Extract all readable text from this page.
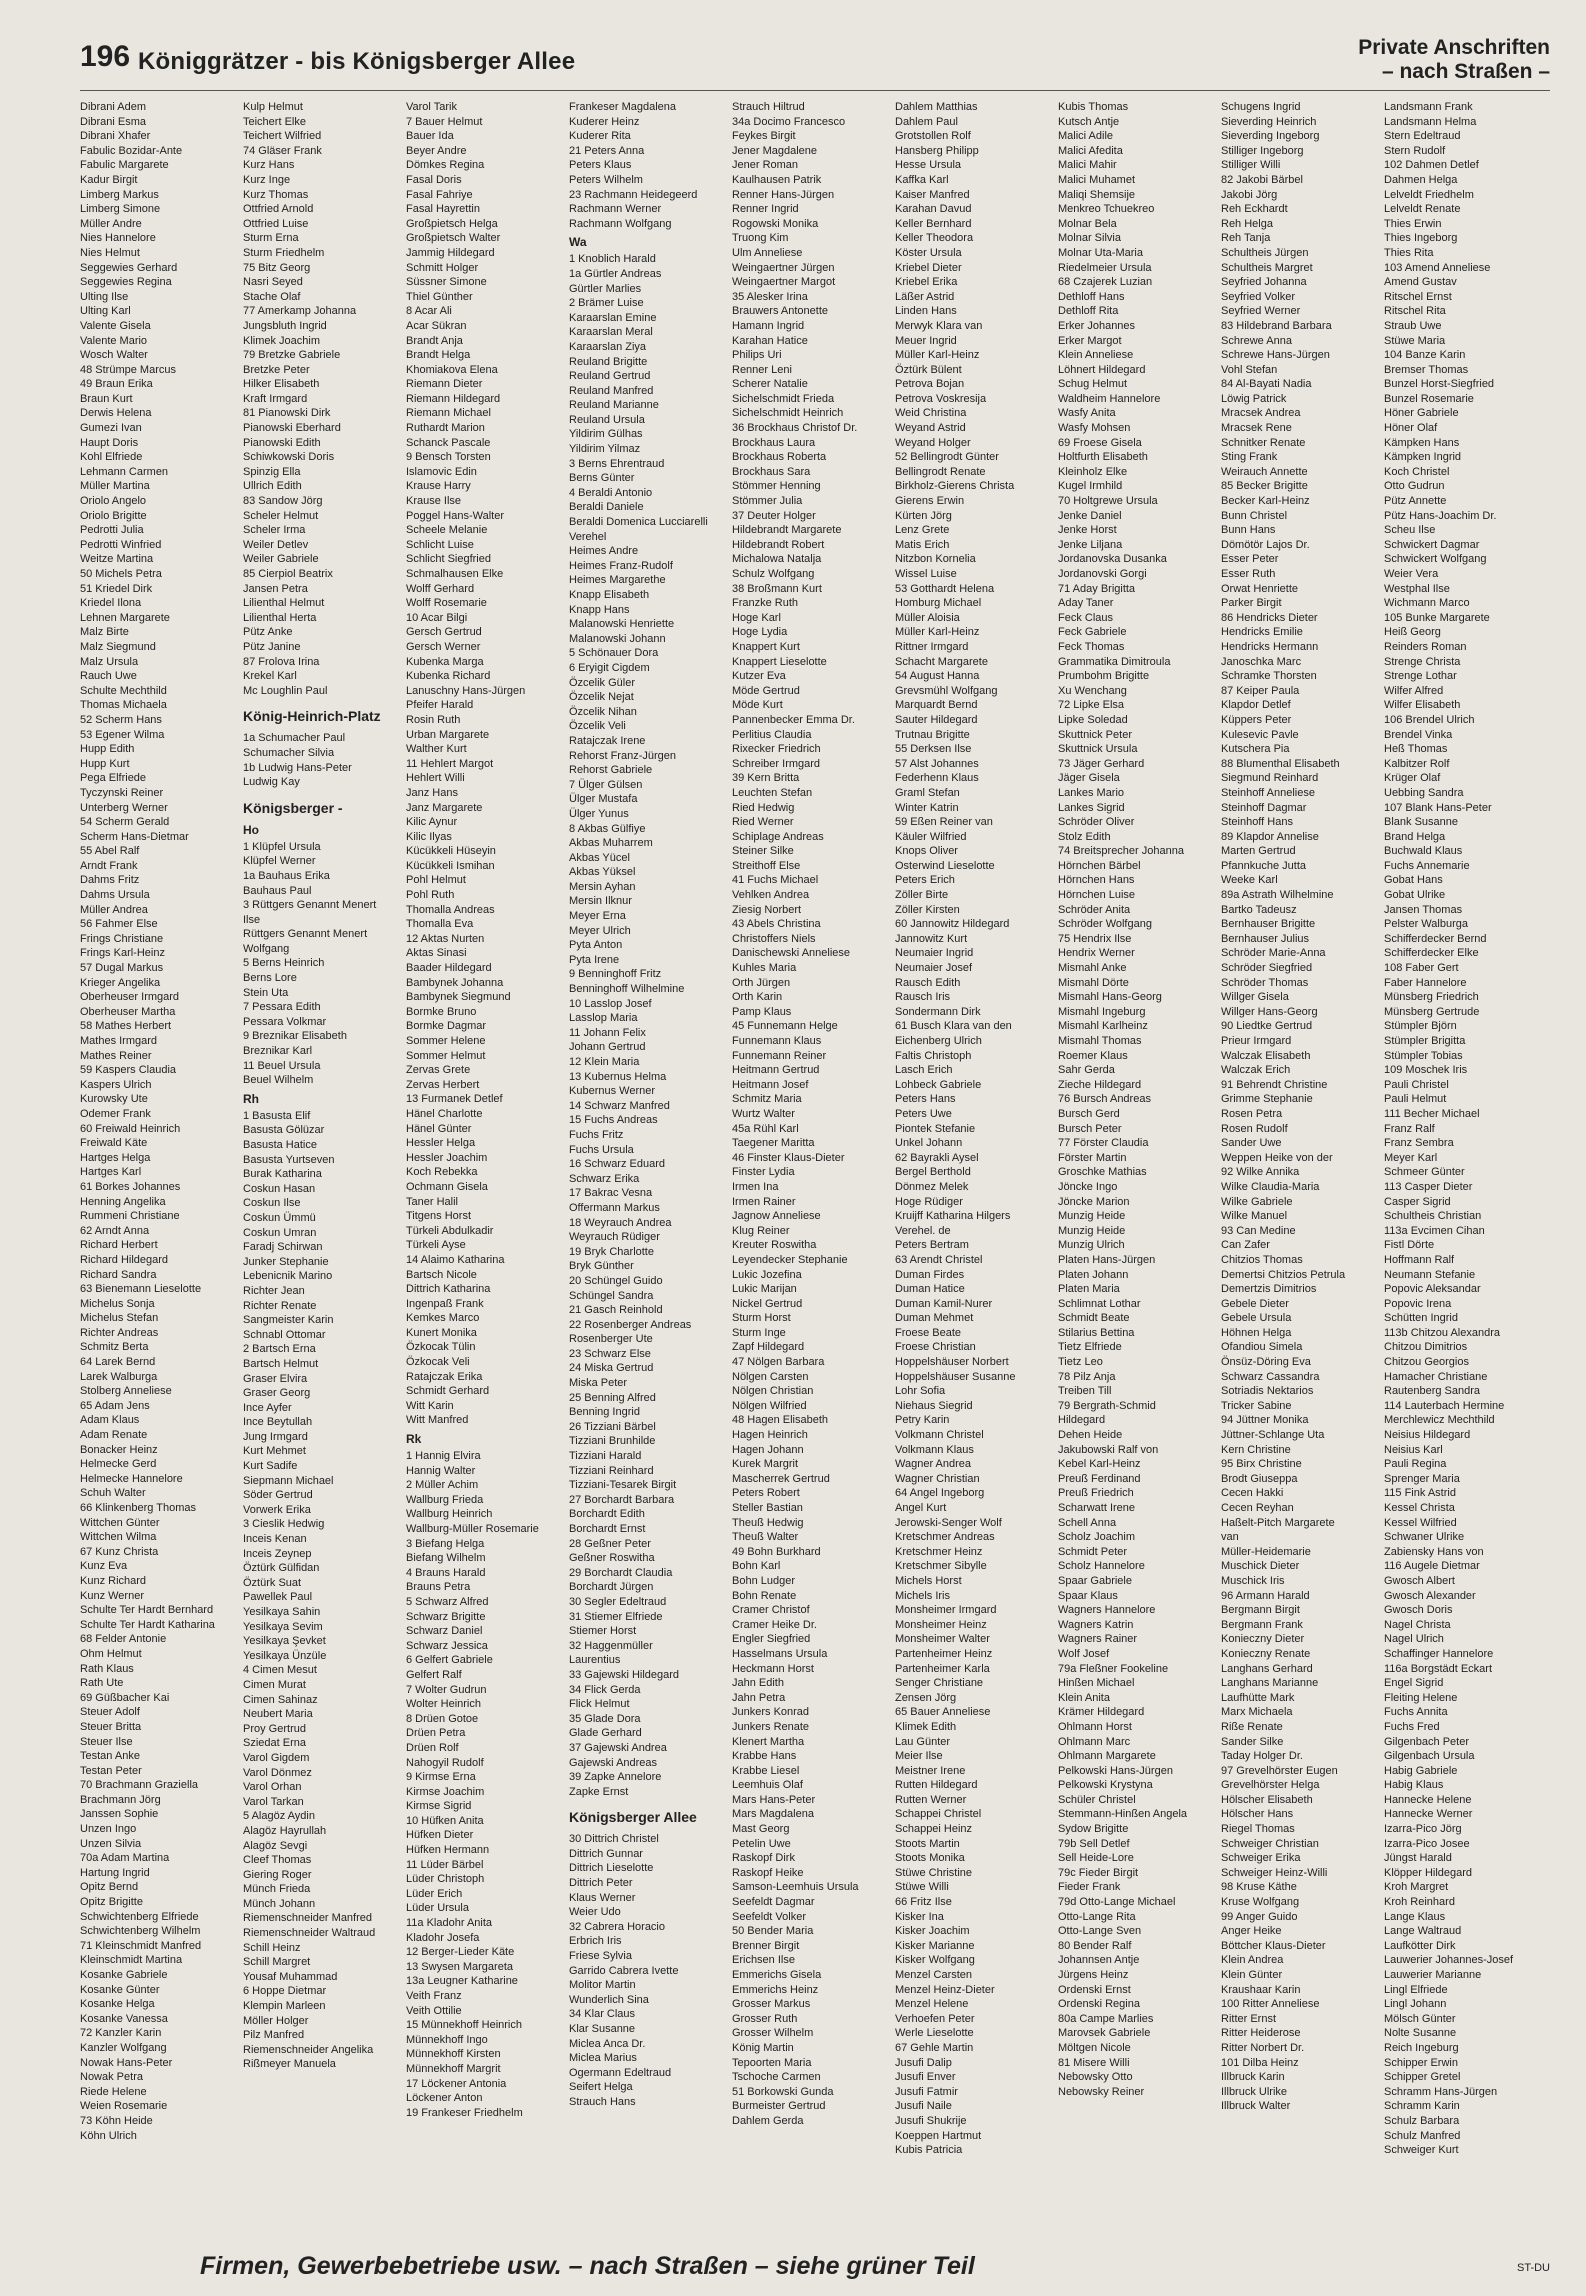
196 Königgrätzer - bis Königsberger Allee
Private Anschriften
– nach Straßen –
Dibrani Adem
Dibrani Esma
Dibrani Xhafer
Fabulic Bozidar-Ante
Fabulic Margarete
Kadur Birgit
Limberg Markus
Limberg Simone
Müller Andre
Nies Hannelore
Nies Helmut
Seggewies Gerhard
Seggewies Regina
Ulting Ilse
Ulting Karl
Valente Gisela
Valente Mario
Wosch Walter
48 Strümpe Marcus
49 Braun Erika
Braun Kurt
Derwis Helena
Gumezi Ivan
Haupt Doris
Kohl Elfriede
Lehmann Carmen
Müller Martina
Oriolo Angelo
Oriolo Brigitte
Pedrotti Julia
Pedrotti Winfried
Weitze Martina
50 Michels Petra
51 Kriedel Dirk
Kriedel Ilona
Lehnen Margarete
Malz Birte
Malz Siegmund
Malz Ursula
Rauch Uwe
Schulte Mechthild
Thomas Michaela
52 Scherm Hans
53 Egener Wilma
Hupp Edith
Hupp Kurt
Pega Elfriede
Tyczynski Reiner
Unterberg Werner
54 Scherm Gerald
Scherm Hans-Dietmar
55 Abel Ralf
Arndt Frank
Dahms Fritz
Dahms Ursula
Müller Andrea
56 Fahmer Else
Frings Christiane
Frings Karl-Heinz
57 Dugal Markus
Krieger Angelika
Oberheuser Irmgard
Oberheuser Martha
58 Mathes Herbert
Mathes Irmgard
Mathes Reiner
59 Kaspers Claudia
Kaspers Ulrich
Kurowsky Ute
Odemer Frank
60 Freiwald Heinrich
Freiwald Käte
Hartges Helga
Hartges Karl
61 Borkes Johannes
Henning Angelika
Rummeni Christiane
62 Arndt Anna
Richard Herbert
Richard Hildegard
Richard Sandra
63 Bienemann Lieselotte
Michelus Sonja
Michelus Stefan
Richter Andreas
Schmitz Berta
64 Larek Bernd
Larek Walburga
Stolberg Anneliese
65 Adam Jens
Adam Klaus
Adam Renate
Bonacker Heinz
Helmecke Gerd
Helmecke Hannelore
Schuh Walter
66 Klinkenberg Thomas
Wittchen Günter
Wittchen Wilma
67 Kunz Christa
Kunz Eva
Kunz Richard
Kunz Werner
Schulte Ter Hardt Bernhard
Schulte Ter Hardt Katharina
68 Felder Antonie
Ohm Helmut
Rath Klaus
Rath Ute
69 Güßbacher Kai
Steuer Adolf
Steuer Britta
Steuer Ilse
Testan Anke
Testan Peter
70 Brachmann Graziella
Brachmann Jörg
Janssen Sophie
Unzen Ingo
Unzen Silvia
70a Adam Martina
Hartung Ingrid
Opitz Bernd
Opitz Brigitte
Schwichtenberg Elfriede
Schwichtenberg Wilhelm
71 Kleinschmidt Manfred
Kleinschmidt Martina
Kosanke Gabriele
Kosanke Günter
Kosanke Helga
Kosanke Vanessa
72 Kanzler Karin
Kanzler Wolfgang
Nowak Hans-Peter
Nowak Petra
Riede Helene
Weien Rosemarie
73 Köhn Heide
Köhn Ulrich
Kulp Helmut
Teichert Elke
Teichert Wilfried
74 Gläser Frank
Kurz Hans
Kurz Inge
Kurz Thomas
Ottfried Arnold
Ottfried Luise
Sturm Erna
Sturm Friedhelm
75 Bitz Georg
Nasri Seyed
Stache Olaf
77 Amerkamp Johanna
Jungsbluth Ingrid
Klimek Joachim
79 Bretzke Gabriele
Bretzke Peter
Hilker Elisabeth
Kraft Irmgard
81 Pianowski Dirk
Pianowski Eberhard
Pianowski Edith
Schiwkowski Doris
Spinzig Ella
Ullrich Edith
83 Sandow Jörg
Scheler Helmut
Scheler Irma
Weiler Detlev
Weiler Gabriele
85 Cierpiol Beatrix
Jansen Petra
Lilienthal Helmut
Lilienthal Herta
Pütz Anke
Pütz Janine
87 Frolova Irina
Krekel Karl
Mc Loughlin Paul
König-Heinrich-Platz
1a Schumacher Paul
Schumacher Silvia
1b Ludwig Hans-Peter
Ludwig Kay
Königsberger -
Ho
1 Klüpfel Ursula
Klüpfel Werner
1a Bauhaus Erika
Bauhaus Paul
3 Rüttgers Genannt Menert
Ilse
Rüttgers Genannt Menert
Wolfgang
5 Berns Heinrich
Berns Lore
Stein Uta
7 Pessara Edith
Pessara Volkmar
9 Breznikar Elisabeth
Breznikar Karl
11 Beuel Ursula
Beuel Wilhelm
Rh
1 Basusta Elif
Basusta Gölüzar
Basusta Hatice
Basusta Yurtseven
Burak Katharina
Coskun Hasan
Coskun Ilse
Coskun Ümmü
Coskun Umran
Faradj Schirwan
Junker Stephanie
Lebenicnik Marino
Richter Jean
Richter Renate
Sangmeister Karin
Schnabl Ottomar
2 Bartsch Erna
Bartsch Helmut
Graser Elvira
Graser Georg
Ince Ayfer
Ince Beytullah
Jung Irmgard
Kurt Mehmet
Kurt Sadife
Siepmann Michael
Söder Gertrud
Vorwerk Erika
3 Cieslik Hedwig
Inceis Kenan
Inceis Zeynep
Öztürk Gülfidan
Öztürk Suat
Pawellek Paul
Yesilkaya Sahin
Yesilkaya Sevim
Yesilkaya Şevket
Yesilkaya Ünzüle
4 Cimen Mesut
Cimen Murat
Cimen Sahinaz
Neubert Maria
Proy Gertrud
Sziedat Erna
Varol Gigdem
Varol Dönmez
Varol Orhan
Varol Tarkan
5 Alagöz Aydin
Alagöz Hayrullah
Alagöz Sevgi
Cleef Thomas
Giering Roger
Münch Frieda
Münch Johann
Riemenschneider Manfred
Riemenschneider Waltraud
Schill Heinz
Schill Margret
Yousaf Muhammad
6 Hoppe Dietmar
Klempin Marleen
Möller Holger
Pilz Manfred
Riemenschneider Angelika
Rißmeyer Manuela
Varol Tarik
7 Bauer Helmut
Bauer Ida
Beyer Andre
Dömkes Regina
Fasal Doris
Fasal Fahriye
Fasal Hayrettin
Großpietsch Helga
Großpietsch Walter
Jammig Hildegard
Schmitt Holger
Süssner Simone
Thiel Günther
8 Acar Ali
Acar Sükran
Brandt Anja
Brandt Helga
Khomiakova Elena
Riemann Dieter
Riemann Hildegard
Riemann Michael
Ruthardt Marion
Schanck Pascale
9 Bensch Torsten
Islamovic Edin
Krause Harry
Krause Ilse
Poggel Hans-Walter
Scheele Melanie
Schlicht Luise
Schlicht Siegfried
Schmalhausen Elke
Wolff Gerhard
Wolff Rosemarie
10 Acar Bilgi
Gersch Gertrud
Gersch Werner
Kubenka Marga
Kubenka Richard
Lanuschny Hans-Jürgen
Pfeifer Harald
Rosin Ruth
Urban Margarete
Walther Kurt
11 Hehlert Margot
Hehlert Willi
Janz Hans
Janz Margarete
Kilic Aynur
Kilic Ilyas
Kücükkeli Hüseyin
Kücükkeli Ismihan
Pohl Helmut
Pohl Ruth
Thomalla Andreas
Thomalla Eva
12 Aktas Nurten
Aktas Sinasi
Baader Hildegard
Bambynek Johanna
Bambynek Siegmund
Bormke Bruno
Bormke Dagmar
Sommer Helene
Sommer Helmut
Zervas Grete
Zervas Herbert
13 Furmanek Detlef
Hänel Charlotte
Hänel Günter
Hessler Helga
Hessler Joachim
Koch Rebekka
Ochmann Gisela
Taner Halil
Titgens Horst
Türkeli Abdulkadir
Türkeli Ayse
14 Alaimo Katharina
Bartsch Nicole
Dittrich Katharina
Ingenpaß Frank
Kemkes Marco
Kunert Monika
Özkocak Tülin
Özkocak Veli
Ratajczak Erika
Schmidt Gerhard
Witt Karin
Witt Manfred
Rk
1 Hannig Elvira
Hannig Walter
2 Müller Achim
Wallburg Frieda
Wallburg Heinrich
Wallburg-Müller Rosemarie
3 Biefang Helga
Biefang Wilhelm
4 Brauns Harald
Brauns Petra
5 Schwarz Alfred
Schwarz Brigitte
Schwarz Daniel
Schwarz Jessica
6 Gelfert Gabriele
Gelfert Ralf
7 Wolter Gudrun
Wolter Heinrich
8 Drüen Gotoe
Drüen Petra
Drüen Rolf
Nahogyil Rudolf
9 Kirmse Erna
Kirmse Joachim
Kirmse Sigrid
10 Hüfken Anita
Hüfken Dieter
Hüfken Hermann
11 Lüder Bärbel
Lüder Christoph
Lüder Erich
Lüder Ursula
11a Kladohr Anita
Kladohr Josefa
12 Berger-Lieder Käte
13 Swysen Margareta
13a Leugner Katharine
Veith Franz
Veith Ottilie
15 Münnekhoff Heinrich
Münnekhoff Ingo
Münnekhoff Kirsten
Münnekhoff Margrit
17 Löckener Antonia
Löckener Anton
19 Frankeser Friedhelm
Frankeser Magdalena
Kuderer Heinz
Kuderer Rita
21 Peters Anna
Peters Klaus
Peters Wilhelm
23 Rachmann Heidegeerd
Rachmann Werner
Rachmann Wolfgang
Wa
1 Knoblich Harald
1a Gürtler Andreas
Gürtler Marlies
2 Brämer Luise
Karaarslan Emine
Karaarslan Meral
Karaarslan Ziya
Reuland Brigitte
Reuland Gertrud
Reuland Manfred
Reuland Marianne
Reuland Ursula
Yildirim Gülhas
Yildirim Yilmaz
3 Berns Ehrentraud
Berns Günter
4 Beraldi Antonio
Beraldi Daniele
Beraldi Domenica Lucciarelli
Verehel
Heimes Andre
Heimes Franz-Rudolf
Heimes Margarethe
Knapp Elisabeth
Knapp Hans
Malanowski Henriette
Malanowski Johann
5 Schönauer Dora
6 Eryigit Cigdem
Özcelik Güler
Özcelik Nejat
Özcelik Nihan
Özcelik Veli
Ratajczak Irene
Rehorst Franz-Jürgen
Rehorst Gabriele
7 Ülger Gülsen
Ülger Mustafa
Ülger Yunus
8 Akbas Gülfiye
Akbas Muharrem
Akbas Yücel
Akbas Yüksel
Mersin Ayhan
Mersin Ilknur
Meyer Erna
Meyer Ulrich
Pyta Anton
Pyta Irene
9 Benninghoff Fritz
Benninghoff Wilhelmine
10 Lasslop Josef
Lasslop Maria
11 Johann Felix
Johann Gertrud
12 Klein Maria
13 Kubernus Helma
Kubernus Werner
14 Schwarz Manfred
15 Fuchs Andreas
Fuchs Fritz
Fuchs Ursula
16 Schwarz Eduard
Schwarz Erika
17 Bakrac Vesna
Offermann Markus
18 Weyrauch Andrea
Weyrauch Rüdiger
19 Bryk Charlotte
Bryk Günther
20 Schüngel Guido
Schüngel Sandra
21 Gasch Reinhold
22 Rosenberger Andreas
Rosenberger Ute
23 Schwarz Else
24 Miska Gertrud
Miska Peter
25 Benning Alfred
Benning Ingrid
26 Tizziani Bärbel
Tizziani Brunhilde
Tizziani Harald
Tizziani Reinhard
Tizziani-Tesarek Birgit
27 Borchardt Barbara
Borchardt Edith
Borchardt Ernst
28 Geßner Peter
Geßner Roswitha
29 Borchardt Claudia
Borchardt Jürgen
30 Segler Edeltraud
31 Stiemer Elfriede
Stiemer Horst
32 Haggenmüller
Laurentius
33 Gajewski Hildegard
34 Flick Gerda
Flick Helmut
35 Glade Dora
Glade Gerhard
37 Gajewski Andrea
Gajewski Andreas
39 Zapke Annelore
Zapke Ernst
Königsberger Allee
30 Dittrich Christel
Dittrich Gunnar
Dittrich Lieselotte
Dittrich Peter
Klaus Werner
Weier Udo
32 Cabrera Horacio
Erbrich Iris
Friese Sylvia
Garrido Cabrera Ivette
Molitor Martin
Wunderlich Sina
34 Klar Claus
Klar Susanne
Miclea Anca Dr.
Miclea Marius
Ogermann Edeltraud
Seifert Helga
Strauch Hans
Strauch Hiltrud
34a Docimo Francesco
Feykes Birgit
Jener Magdalene
Jener Roman
Kaulhausen Patrik
Renner Hans-Jürgen
Renner Ingrid
Rogowski Monika
Truong Kim
Ulm Anneliese
Weingaertner Jürgen
Weingaertner Margot
35 Alesker Irina
Brauwers Antonette
Hamann Ingrid
Karahan Hatice
Philips Uri
Renner Leni
Scherer Natalie
Sichelschmidt Frieda
Sichelschmidt Heinrich
36 Brockhaus Christof Dr.
Brockhaus Laura
Brockhaus Roberta
Brockhaus Sara
Stömmer Henning
Stömmer Julia
37 Deuter Holger
Hildebrandt Margarete
Hildebrandt Robert
Michalowa Natalja
Schulz Wolfgang
38 Broßmann Kurt
Franzke Ruth
Hoge Karl
Hoge Lydia
Knappert Kurt
Knappert Lieselotte
Kutzer Eva
Möde Gertrud
Möde Kurt
Pannenbecker Emma Dr.
Perlitius Claudia
Rixecker Friedrich
Schreiber Irmgard
39 Kern Britta
Leuchten Stefan
Ried Hedwig
Ried Werner
Schiplage Andreas
Steiner Silke
Streithoff Else
41 Fuchs Michael
Vehlken Andrea
Ziesig Norbert
43 Abels Christina
Christoffers Niels
Danischewski Anneliese
Kuhles Maria
Orth Jürgen
Orth Karin
Pamp Klaus
45 Funnemann Helge
Funnemann Klaus
Funnemann Reiner
Heitmann Gertrud
Heitmann Josef
Schmitz Maria
Wurtz Walter
45a Rühl Karl
Taegener Maritta
46 Finster Klaus-Dieter
Finster Lydia
Irmen Ina
Irmen Rainer
Jagnow Anneliese
Klug Reiner
Kreuter Roswitha
Leyendecker Stephanie
Lukic Jozefina
Lukic Marijan
Nickel Gertrud
Sturm Horst
Sturm Inge
Zapf Hildegard
47 Nölgen Barbara
Nölgen Carsten
Nölgen Christian
Nölgen Wilfried
48 Hagen Elisabeth
Hagen Heinrich
Hagen Johann
Kurek Margrit
Mascherrek Gertrud
Peters Robert
Steller Bastian
Theuß Hedwig
Theuß Walter
49 Bohn Burkhard
Bohn Karl
Bohn Ludger
Bohn Renate
Cramer Christof
Cramer Heike Dr.
Engler Siegfried
Hasselmans Ursula
Heckmann Horst
Jahn Edith
Jahn Petra
Junkers Konrad
Junkers Renate
Klenert Martha
Krabbe Hans
Krabbe Liesel
Leemhuis Olaf
Mars Hans-Peter
Mars Magdalena
Mast Georg
Petelin Uwe
Raskopf Dirk
Raskopf Heike
Samson-Leemhuis Ursula
Seefeldt Dagmar
Seefeldt Volker
50 Bender Maria
Brenner Birgit
Erichsen Ilse
Emmerichs Gisela
Emmerichs Heinz
Grosser Markus
Grosser Ruth
Grosser Wilhelm
König Martin
Tepoorten Maria
Tschoche Carmen
51 Borkowski Gunda
Burmeister Gertrud
Dahlem Gerda
Dahlem Matthias
Dahlem Paul
Grotstollen Rolf
Hansberg Philipp
Hesse Ursula
Kaffka Karl
Kaiser Manfred
Karahan Davud
Keller Bernhard
Keller Theodora
Köster Ursula
Kriebel Dieter
Kriebel Erika
Läßer Astrid
Linden Hans
Merwyk Klara van
Meuer Ingrid
Müller Karl-Heinz
Öztürk Bülent
Petrova Bojan
Petrova Voskresija
Weid Christina
Weyand Astrid
Weyand Holger
52 Bellingrodt Günter
Bellingrodt Renate
Birkholz-Gierens Christa
Gierens Erwin
Kürten Jörg
Lenz Grete
Matis Erich
Nitzbon Kornelia
Wissel Luise
53 Gotthardt Helena
Homburg Michael
Müller Aloisia
Müller Karl-Heinz
Rittner Irmgard
Schacht Margarete
54 August Hanna
Grevsmühl Wolfgang
Marquardt Bernd
Sauter Hildegard
Trutnau Brigitte
55 Derksen Ilse
57 Alst Johannes
Federhenn Klaus
Graml Stefan
Winter Katrin
59 Eßen Reiner van
Käuler Wilfried
Knops Oliver
Osterwind Lieselotte
Peters Erich
Zöller Birte
Zöller Kirsten
60 Jannowitz Hildegard
Jannowitz Kurt
Neumaier Ingrid
Neumaier Josef
Rausch Edith
Rausch Iris
Sondermann Dirk
61 Busch Klara van den
Eichenberg Ulrich
Faltis Christoph
Lasch Erich
Lohbeck Gabriele
Peters Hans
Peters Uwe
Piontek Stefanie
Unkel Johann
62 Bayrakli Aysel
Bergel Berthold
Dönmez Melek
Hoge Rüdiger
Kruijff Katharina Hilgers
Verehel. de
Peters Bertram
63 Arendt Christel
Duman Firdes
Duman Hatice
Duman Kamil-Nurer
Duman Mehmet
Froese Beate
Froese Christian
Hoppelshäuser Norbert
Hoppelshäuser Susanne
Lohr Sofia
Niehaus Siegrid
Petry Karin
Volkmann Christel
Volkmann Klaus
Wagner Andrea
Wagner Christian
64 Angel Ingeborg
Angel Kurt
Jerowski-Senger Wolf
Kretschmer Andreas
Kretschmer Heinz
Kretschmer Sibylle
Michels Horst
Michels Iris
Monsheimer Irmgard
Monsheimer Heinz
Monsheimer Walter
Partenheimer Heinz
Partenheimer Karla
Senger Christiane
Zensen Jörg
65 Bauer Anneliese
Klimek Edith
Lau Günter
Meier Ilse
Meistner Irene
Rutten Hildegard
Rutten Werner
Schappei Christel
Schappei Heinz
Stoots Martin
Stoots Monika
Stüwe Christine
Stüwe Willi
66 Fritz Ilse
Kisker Ina
Kisker Joachim
Kisker Marianne
Kisker Wolfgang
Menzel Carsten
Menzel Heinz-Dieter
Menzel Helene
Verhoefen Peter
Werle Lieselotte
67 Gehle Martin
Jusufi Dalip
Jusufi Enver
Jusufi Fatmir
Jusufi Naile
Jusufi Shukrije
Koeppen Hartmut
Kubis Patricia
Kubis Thomas
Kutsch Antje
Malici Adile
Malici Afedita
Malici Mahir
Malici Muhamet
Maliqi Shemsije
Menkreo Tchuekreo
Molnar Bela
Molnar Silvia
Molnar Uta-Maria
Riedelmeier Ursula
68 Czajerek Luzian
Dethloff Hans
Dethloff Rita
Erker Johannes
Erker Margot
Klein Anneliese
Löhnert Hildegard
Schug Helmut
Waldheim Hannelore
Wasfy Anita
Wasfy Mohsen
69 Froese Gisela
Holtfurth Elisabeth
Kleinholz Elke
Kugel Irmhild
70 Holtgrewe Ursula
Jenke Daniel
Jenke Horst
Jenke Liljana
Jordanovska Dusanka
Jordanovski Gorgi
71 Aday Brigitta
Aday Taner
Feck Claus
Feck Gabriele
Feck Thomas
Grammatika Dimitroula
Prumbohm Brigitte
Xu Wenchang
72 Lipke Elsa
Lipke Soledad
Skuttnick Peter
Skuttnick Ursula
73 Jäger Gerhard
Jäger Gisela
Lankes Mario
Lankes Sigrid
Schröder Oliver
Stolz Edith
74 Breitsprecher Johanna
Hörnchen Bärbel
Hörnchen Hans
Hörnchen Luise
Schröder Anita
Schröder Wolfgang
75 Hendrix Ilse
Hendrix Werner
Mismahl Anke
Mismahl Dörte
Mismahl Hans-Georg
Mismahl Ingeburg
Mismahl Karlheinz
Mismahl Thomas
Roemer Klaus
Sahr Gerda
Zieche Hildegard
76 Bursch Andreas
Bursch Gerd
Bursch Peter
77 Förster Claudia
Förster Martin
Groschke Mathias
Jöncke Ingo
Jöncke Marion
Munzig Heide
Munzig Heide
Munzig Ulrich
Platen Hans-Jürgen
Platen Johann
Platen Maria
Schlimnat Lothar
Schmidt Beate
Stilarius Bettina
Tietz Elfriede
Tietz Leo
78 Pilz Anja
Treiben Till
79 Bergrath-Schmid
Hildegard
Dehen Heide
Jakubowski Ralf von
Kebel Karl-Heinz
Preuß Ferdinand
Preuß Friedrich
Scharwatt Irene
Schell Anna
Scholz Joachim
Schmidt Peter
Scholz Hannelore
Spaar Gabriele
Spaar Klaus
Wagners Hannelore
Wagners Katrin
Wagners Rainer
Wolf Josef
79a Fleßner Fookeline
Hinßen Michael
Klein Anita
Krämer Hildegard
Ohlmann Horst
Ohlmann Marc
Ohlmann Margarete
Pelkowski Hans-Jürgen
Pelkowski Krystyna
Schüler Christel
Stemmann-Hinßen Angela
Sydow Brigitte
79b Sell Detlef
Sell Heide-Lore
79c Fieder Birgit
Fieder Frank
79d Otto-Lange Michael
Otto-Lange Rita
Otto-Lange Sven
80 Bender Ralf
Johannsen Antje
Jürgens Heinz
Ordenski Ernst
Ordenski Regina
80a Campe Marlies
Marovsek Gabriele
Möltgen Nicole
81 Misere Willi
Nebowsky Otto
Nebowsky Reiner
Schugens Ingrid
Sieverding Heinrich
Sieverding Ingeborg
Stilliger Ingeborg
Stilliger Willi
82 Jakobi Bärbel
Jakobi Jörg
Reh Eckhardt
Reh Helga
Reh Tanja
Schultheis Jürgen
Schultheis Margret
Seyfried Johanna
Seyfried Volker
Seyfried Werner
83 Hildebrand Barbara
Schrewe Anna
Schrewe Hans-Jürgen
Vohl Stefan
84 Al-Bayati Nadia
Löwig Patrick
Mracsek Andrea
Mracsek Rene
Schnitker Renate
Sting Frank
Weirauch Annette
85 Becker Brigitte
Becker Karl-Heinz
Bunn Christel
Bunn Hans
Dömötör Lajos Dr.
Esser Peter
Esser Ruth
Orwat Henriette
Parker Birgit
86 Hendricks Dieter
Hendricks Emilie
Hendricks Hermann
Janoschka Marc
Schramke Thorsten
87 Keiper Paula
Klapdor Detlef
Küppers Peter
Kulesevic Pavle
Kutschera Pia
88 Blumenthal Elisabeth
Siegmund Reinhard
Steinhoff Anneliese
Steinhoff Dagmar
Steinhoff Hans
89 Klapdor Annelise
Marten Gertrud
Pfannkuche Jutta
Weeke Karl
89a Astrath Wilhelmine
Bartko Tadeusz
Bernhauser Brigitte
Bernhauser Julius
Schröder Marie-Anna
Schröder Siegfried
Schröder Thomas
Willger Gisela
Willger Hans-Georg
90 Liedtke Gertrud
Prieur Irmgard
Walczak Elisabeth
Walczak Erich
91 Behrendt Christine
Grimme Stephanie
Rosen Petra
Rosen Rudolf
Sander Uwe
Weppen Heike von der
92 Wilke Annika
Wilke Claudia-Maria
Wilke Gabriele
Wilke Manuel
93 Can Medine
Can Zafer
Chitzios Thomas
Demertsi Chitzios Petrula
Demertzis Dimitrios
Gebele Dieter
Gebele Ursula
Höhnen Helga
Ofandiou Simela
Önsüz-Döring Eva
Schwarz Cassandra
Sotriadis Nektarios
Tricker Sabine
94 Jüttner Monika
Jüttner-Schlange Uta
Kern Christine
95 Birx Christine
Brodt Giuseppa
Cecen Hakki
Cecen Reyhan
Haßelt-Pitch Margarete
van
Müller-Heidemarie
Muschick Dieter
Muschick Iris
96 Armann Harald
Bergmann Birgit
Bergmann Frank
Konieczny Dieter
Konieczny Renate
Langhans Gerhard
Langhans Marianne
Laufhütte Mark
Marx Michaela
Riße Renate
Sander Silke
Taday Holger Dr.
97 Grevelhörster Eugen
Grevelhörster Helga
Hölscher Elisabeth
Hölscher Hans
Riegel Thomas
Schweiger Christian
Schweiger Erika
Schweiger Heinz-Willi
98 Kruse Käthe
Kruse Wolfgang
99 Anger Guido
Anger Heike
Böttcher Klaus-Dieter
Klein Andrea
Klein Günter
Kraushaar Karin
100 Ritter Anneliese
Ritter Ernst
Ritter Heiderose
Ritter Norbert Dr.
101 Dilba Heinz
Illbruck Karin
Illbruck Ulrike
Illbruck Walter
Landsmann Frank
Landsmann Helma
Stern Edeltraud
Stern Rudolf
102 Dahmen Detlef
Dahmen Helga
Lelveldt Friedhelm
Lelveldt Renate
Thies Erwin
Thies Ingeborg
Thies Rita
103 Amend Anneliese
Amend Gustav
Ritschel Ernst
Ritschel Rita
Straub Uwe
Stüwe Maria
104 Banze Karin
Bremser Thomas
Bunzel Horst-Siegfried
Bunzel Rosemarie
Höner Gabriele
Höner Olaf
Kämpken Hans
Kämpken Ingrid
Koch Christel
Otto Gudrun
Pütz Annette
Pütz Hans-Joachim Dr.
Scheu Ilse
Schwickert Dagmar
Schwickert Wolfgang
Weier Vera
Westphal Ilse
Wichmann Marco
105 Bunke Margarete
Heiß Georg
Reinders Roman
Strenge Christa
Strenge Lothar
Wilfer Alfred
Wilfer Elisabeth
106 Brendel Ulrich
Brendel Vinka
Heß Thomas
Kalbitzer Rolf
Krüger Olaf
Uebbing Sandra
107 Blank Hans-Peter
Blank Susanne
Brand Helga
Buchwald Klaus
Fuchs Annemarie
Gobat Hans
Gobat Ulrike
Jansen Thomas
Pelster Walburga
Schifferdecker Bernd
Schifferdecker Elke
108 Faber Gert
Faber Hannelore
Münsberg Friedrich
Münsberg Gertrude
Stümpler Björn
Stümpler Brigitta
Stümpler Tobias
109 Moschek Iris
Pauli Christel
Pauli Helmut
111 Becher Michael
Franz Ralf
Franz Sembra
Meyer Karl
Schmeer Günter
113 Casper Dieter
Casper Sigrid
Schultheis Christian
113a Evcimen Cihan
Fistl Dörte
Hoffmann Ralf
Neumann Stefanie
Popovic Aleksandar
Popovic Irena
Schütten Ingrid
113b Chitzou Alexandra
Chitzou Dimitrios
Chitzou Georgios
Hamacher Christiane
Rautenberg Sandra
114 Lauterbach Hermine
Merchlewicz Mechthild
Neisius Hildegard
Neisius Karl
Pauli Regina
Sprenger Maria
115 Fink Astrid
Kessel Christa
Kessel Wilfried
Schwaner Ulrike
Zabiensky Hans von
116 Augele Dietmar
Gwosch Albert
Gwosch Alexander
Gwosch Doris
Nagel Christa
Nagel Ulrich
Schaffinger Hannelore
116a Borgstädt Eckart
Engel Sigrid
Fleiting Helene
Fuchs Annita
Fuchs Fred
Gilgenbach Peter
Gilgenbach Ursula
Habig Gabriele
Habig Klaus
Hannecke Helene
Hannecke Werner
Izarra-Pico Jörg
Izarra-Pico Josee
Jüngst Harald
Klöpper Hildegard
Kroh Margret
Kroh Reinhard
Lange Klaus
Lange Waltraud
Laufkötter Dirk
Lauwerier Johannes-Josef
Lauwerier Marianne
Lingl Elfriede
Lingl Johann
Mölsch Günter
Nolte Susanne
Reich Ingeburg
Schipper Erwin
Schipper Gretel
Schramm Hans-Jürgen
Schramm Karin
Schulz Barbara
Schulz Manfred
Schweiger Kurt
Firmen, Gewerbebetriebe usw. – nach Straßen – siehe grüner Teil	ST-DU
